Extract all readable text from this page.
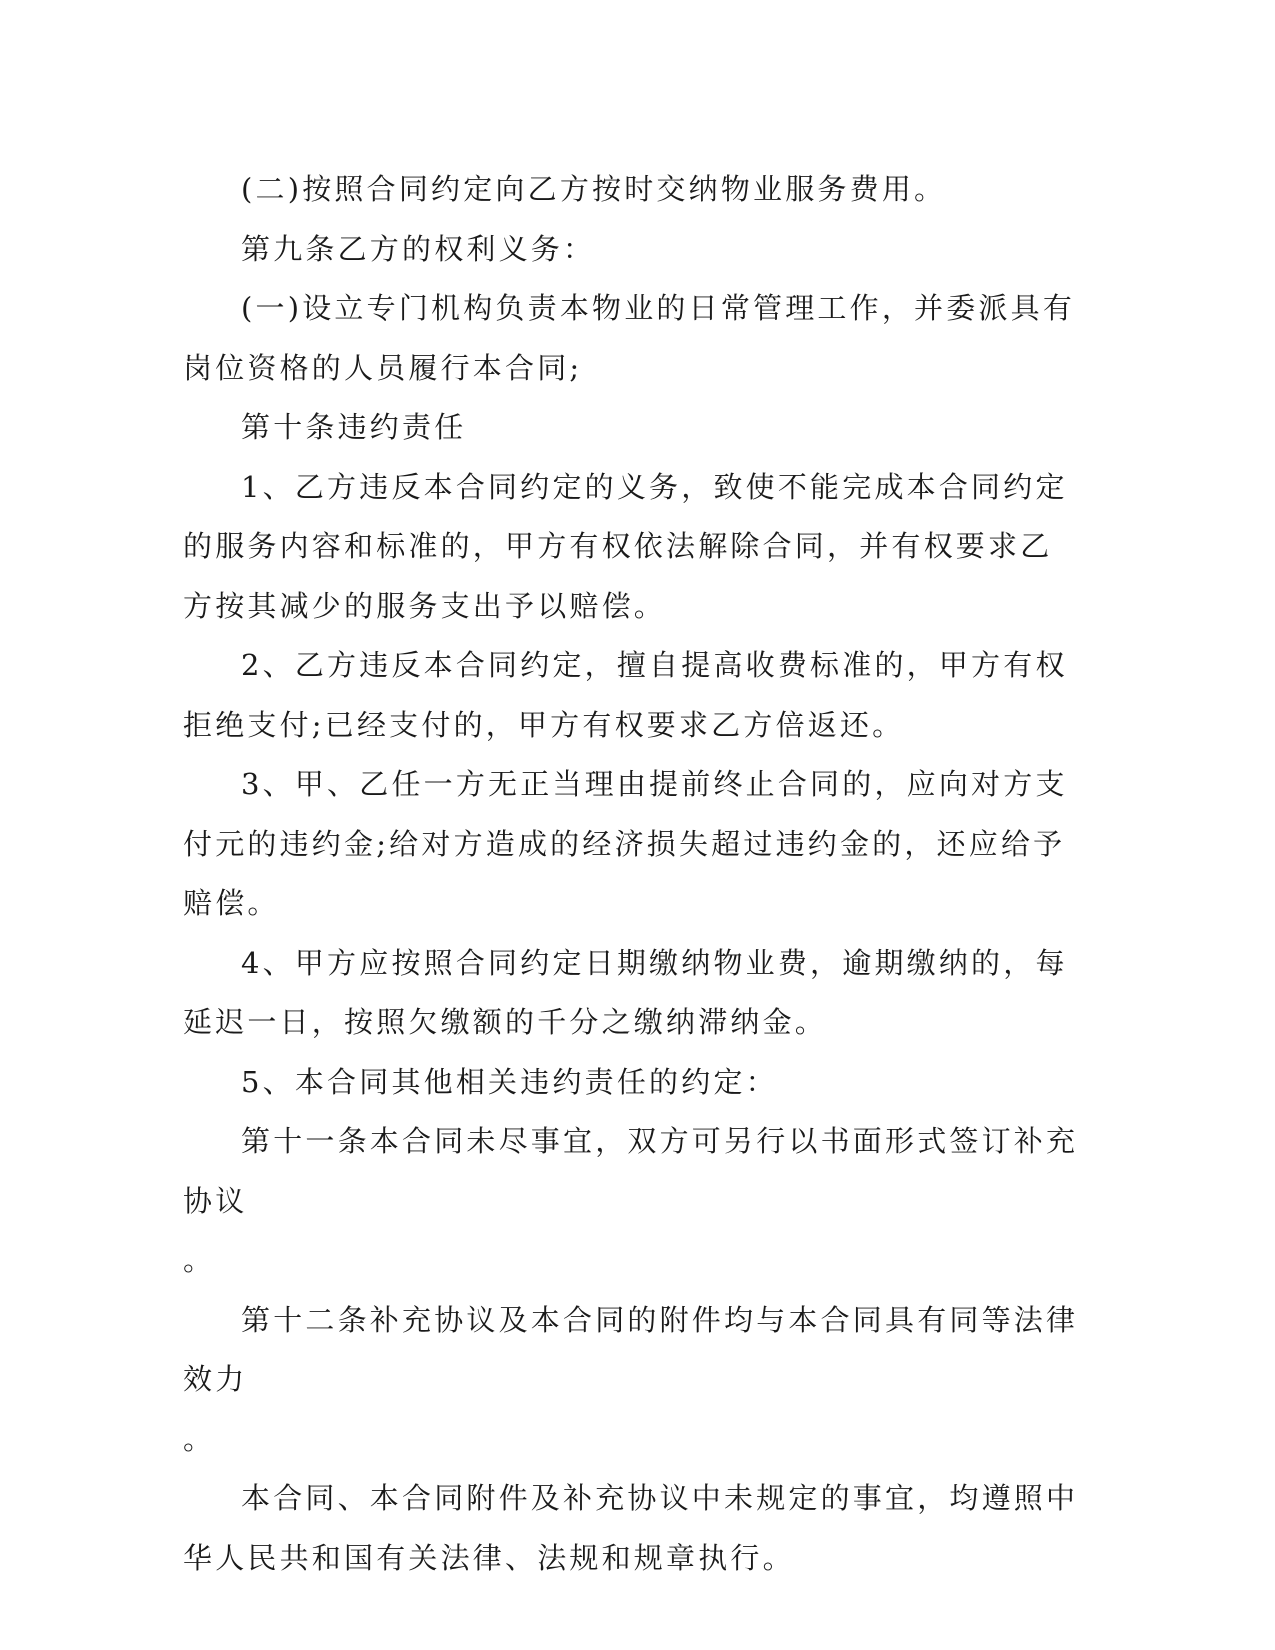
(二)按照合同约定向乙方按时交纳物业服务费用。

第九条乙方的权利义务：

(一)设立专门机构负责本物业的日常管理工作，并委派具有岗位资格的人员履行本合同;

第十条违约责任

1、乙方违反本合同约定的义务，致使不能完成本合同约定的服务内容和标准的，甲方有权依法解除合同，并有权要求乙方按其减少的服务支出予以赔偿。

2、乙方违反本合同约定，擅自提高收费标准的，甲方有权拒绝支付;已经支付的，甲方有权要求乙方倍返还。

3、甲、乙任一方无正当理由提前终止合同的，应向对方支付元的违约金;给对方造成的经济损失超过违约金的，还应给予赔偿。

4、甲方应按照合同约定日期缴纳物业费，逾期缴纳的，每延迟一日，按照欠缴额的千分之缴纳滞纳金。

5、本合同其他相关违约责任的约定：

第十一条本合同未尽事宜，双方可另行以书面形式签订补充协议

。

第十二条补充协议及本合同的附件均与本合同具有同等法律效力

。

本合同、本合同附件及补充协议中未规定的事宜，均遵照中华人民共和国有关法律、法规和规章执行。
